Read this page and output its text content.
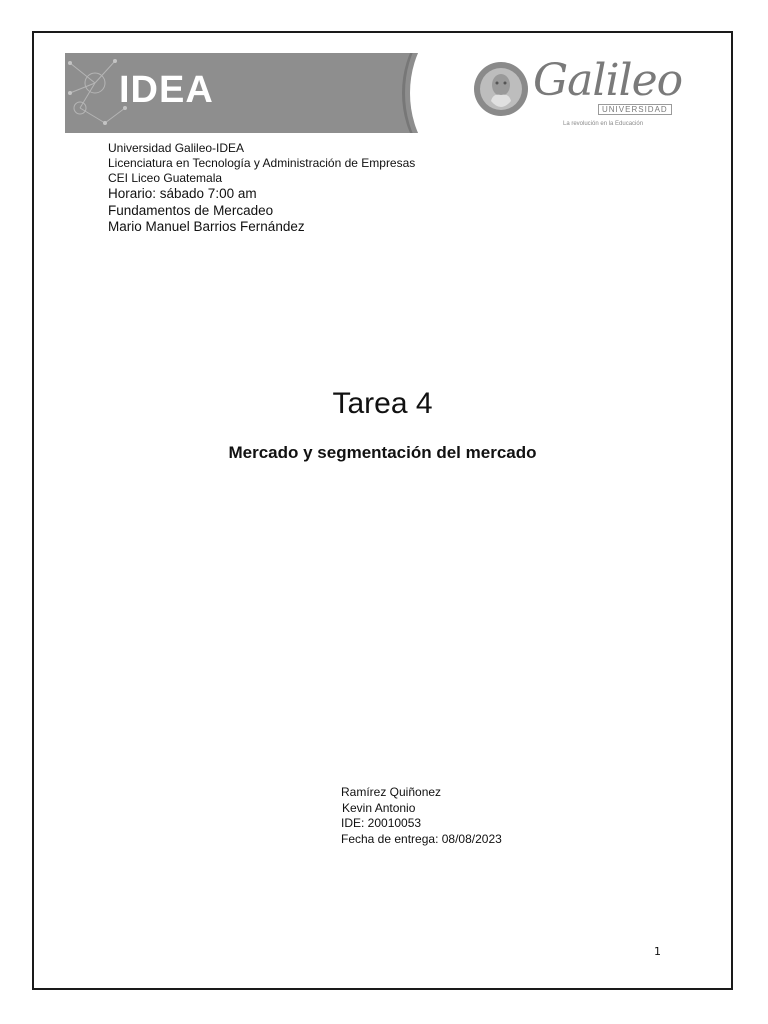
IDEA	Galileo
UNIVERSIDAD
La revolución en la Educación
Universidad Galileo-IDEA
Licenciatura en Tecnología y Administración de Empresas
CEI Liceo Guatemala
Horario: sábado 7:00 am
Fundamentos de Mercadeo
Mario Manuel Barrios Fernández
Tarea 4
Mercado y segmentación del mercado
Ramírez Quiñonez
Kevin Antonio
IDE: 20010053
Fecha de entrega: 08/08/2023
1
